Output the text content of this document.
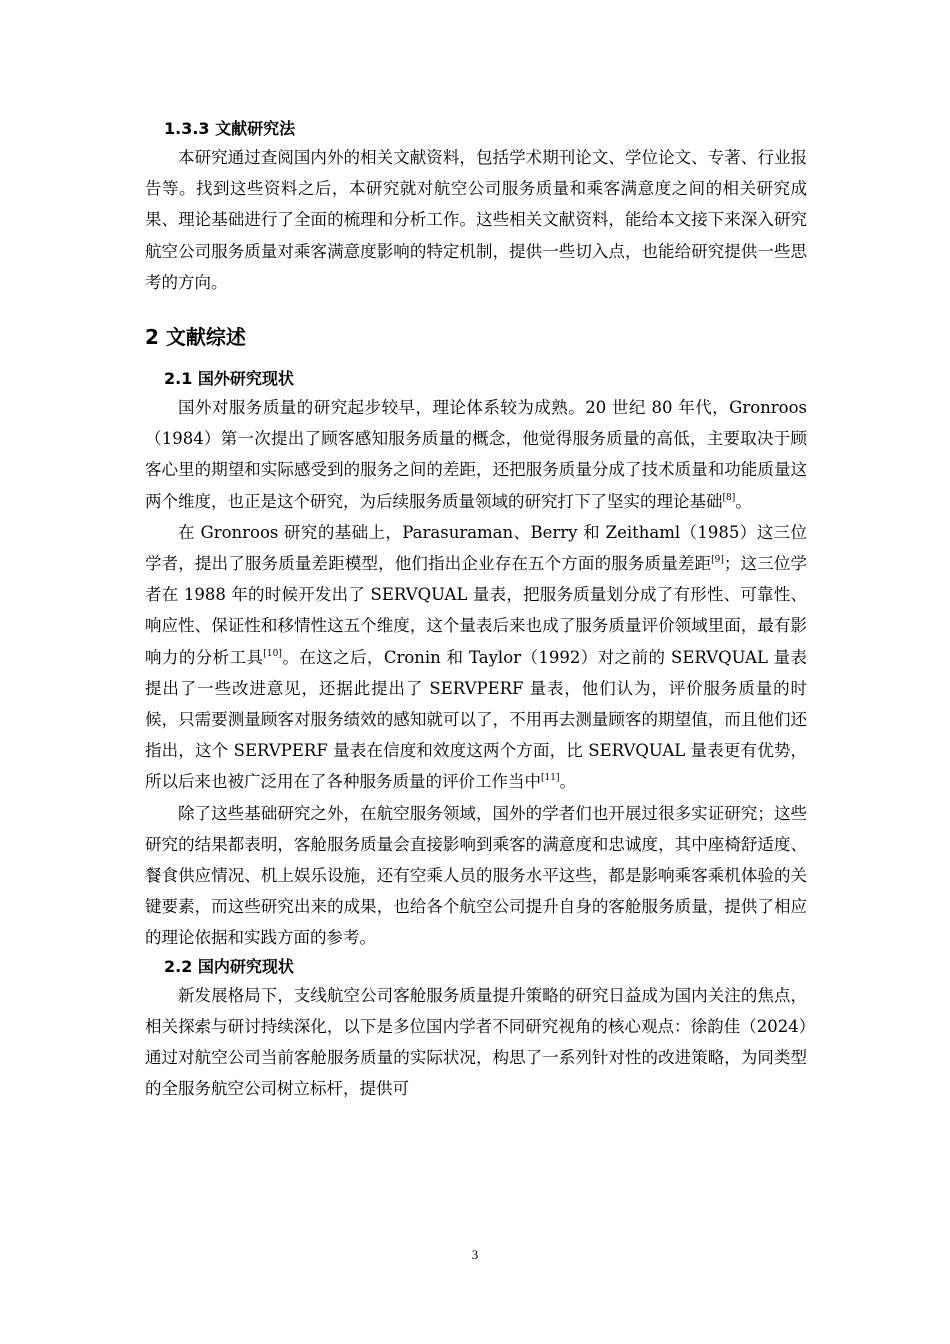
1.3.3 文献研究法

本研究通过查阅国内外的相关文献资料，包括学术期刊论文、学位论文、专著、行业报告等。找到这些资料之后，本研究就对航空公司服务质量和乘客满意度之间的相关研究成果、理论基础进行了全面的梳理和分析工作。这些相关文献资料，能给本文接下来深入研究航空公司服务质量对乘客满意度影响的特定机制，提供一些切入点，也能给研究提供一些思考的方向。

2 文献综述
2.1 国外研究现状

国外对服务质量的研究起步较早，理论体系较为成熟。20 世纪 80 年代，Gronroos（1984）第一次提出了顾客感知服务质量的概念，他觉得服务质量的高低，主要取决于顾客心里的期望和实际感受到的服务之间的差距，还把服务质量分成了技术质量和功能质量这两个维度，也正是这个研究，为后续服务质量领域的研究打下了坚实的理论基础[8]。

在 Gronroos 研究的基础上，Parasuraman、Berry 和 Zeithaml（1985）这三位学者，提出了服务质量差距模型，他们指出企业存在五个方面的服务质量差距[9]；这三位学者在 1988 年的时候开发出了 SERVQUAL 量表，把服务质量划分成了有形性、可靠性、响应性、保证性和移情性这五个维度，这个量表后来也成了服务质量评价领域里面，最有影响力的分析工具[10]。在这之后，Cronin 和 Taylor（1992）对之前的 SERVQUAL 量表提出了一些改进意见，还据此提出了 SERVPERF 量表，他们认为，评价服务质量的时候，只需要测量顾客对服务绩效的感知就可以了，不用再去测量顾客的期望值，而且他们还指出，这个 SERVPERF 量表在信度和效度这两个方面，比 SERVQUAL 量表更有优势，所以后来也被广泛用在了各种服务质量的评价工作当中[11]。

除了这些基础研究之外，在航空服务领域，国外的学者们也开展过很多实证研究；这些研究的结果都表明，客舱服务质量会直接影响到乘客的满意度和忠诚度，其中座椅舒适度、餐食供应情况、机上娱乐设施，还有空乘人员的服务水平这些，都是影响乘客乘机体验的关键要素，而这些研究出来的成果，也给各个航空公司提升自身的客舱服务质量，提供了相应的理论依据和实践方面的参考。

2.2 国内研究现状

新发展格局下，支线航空公司客舱服务质量提升策略的研究日益成为国内关注的焦点，相关探索与研讨持续深化，以下是多位国内学者不同研究视角的核心观点：徐韵佳（2024）通过对航空公司当前客舱服务质量的实际状况，构思了一系列针对性的改进策略，为同类型的全服务航空公司树立标杆，提供可

3
